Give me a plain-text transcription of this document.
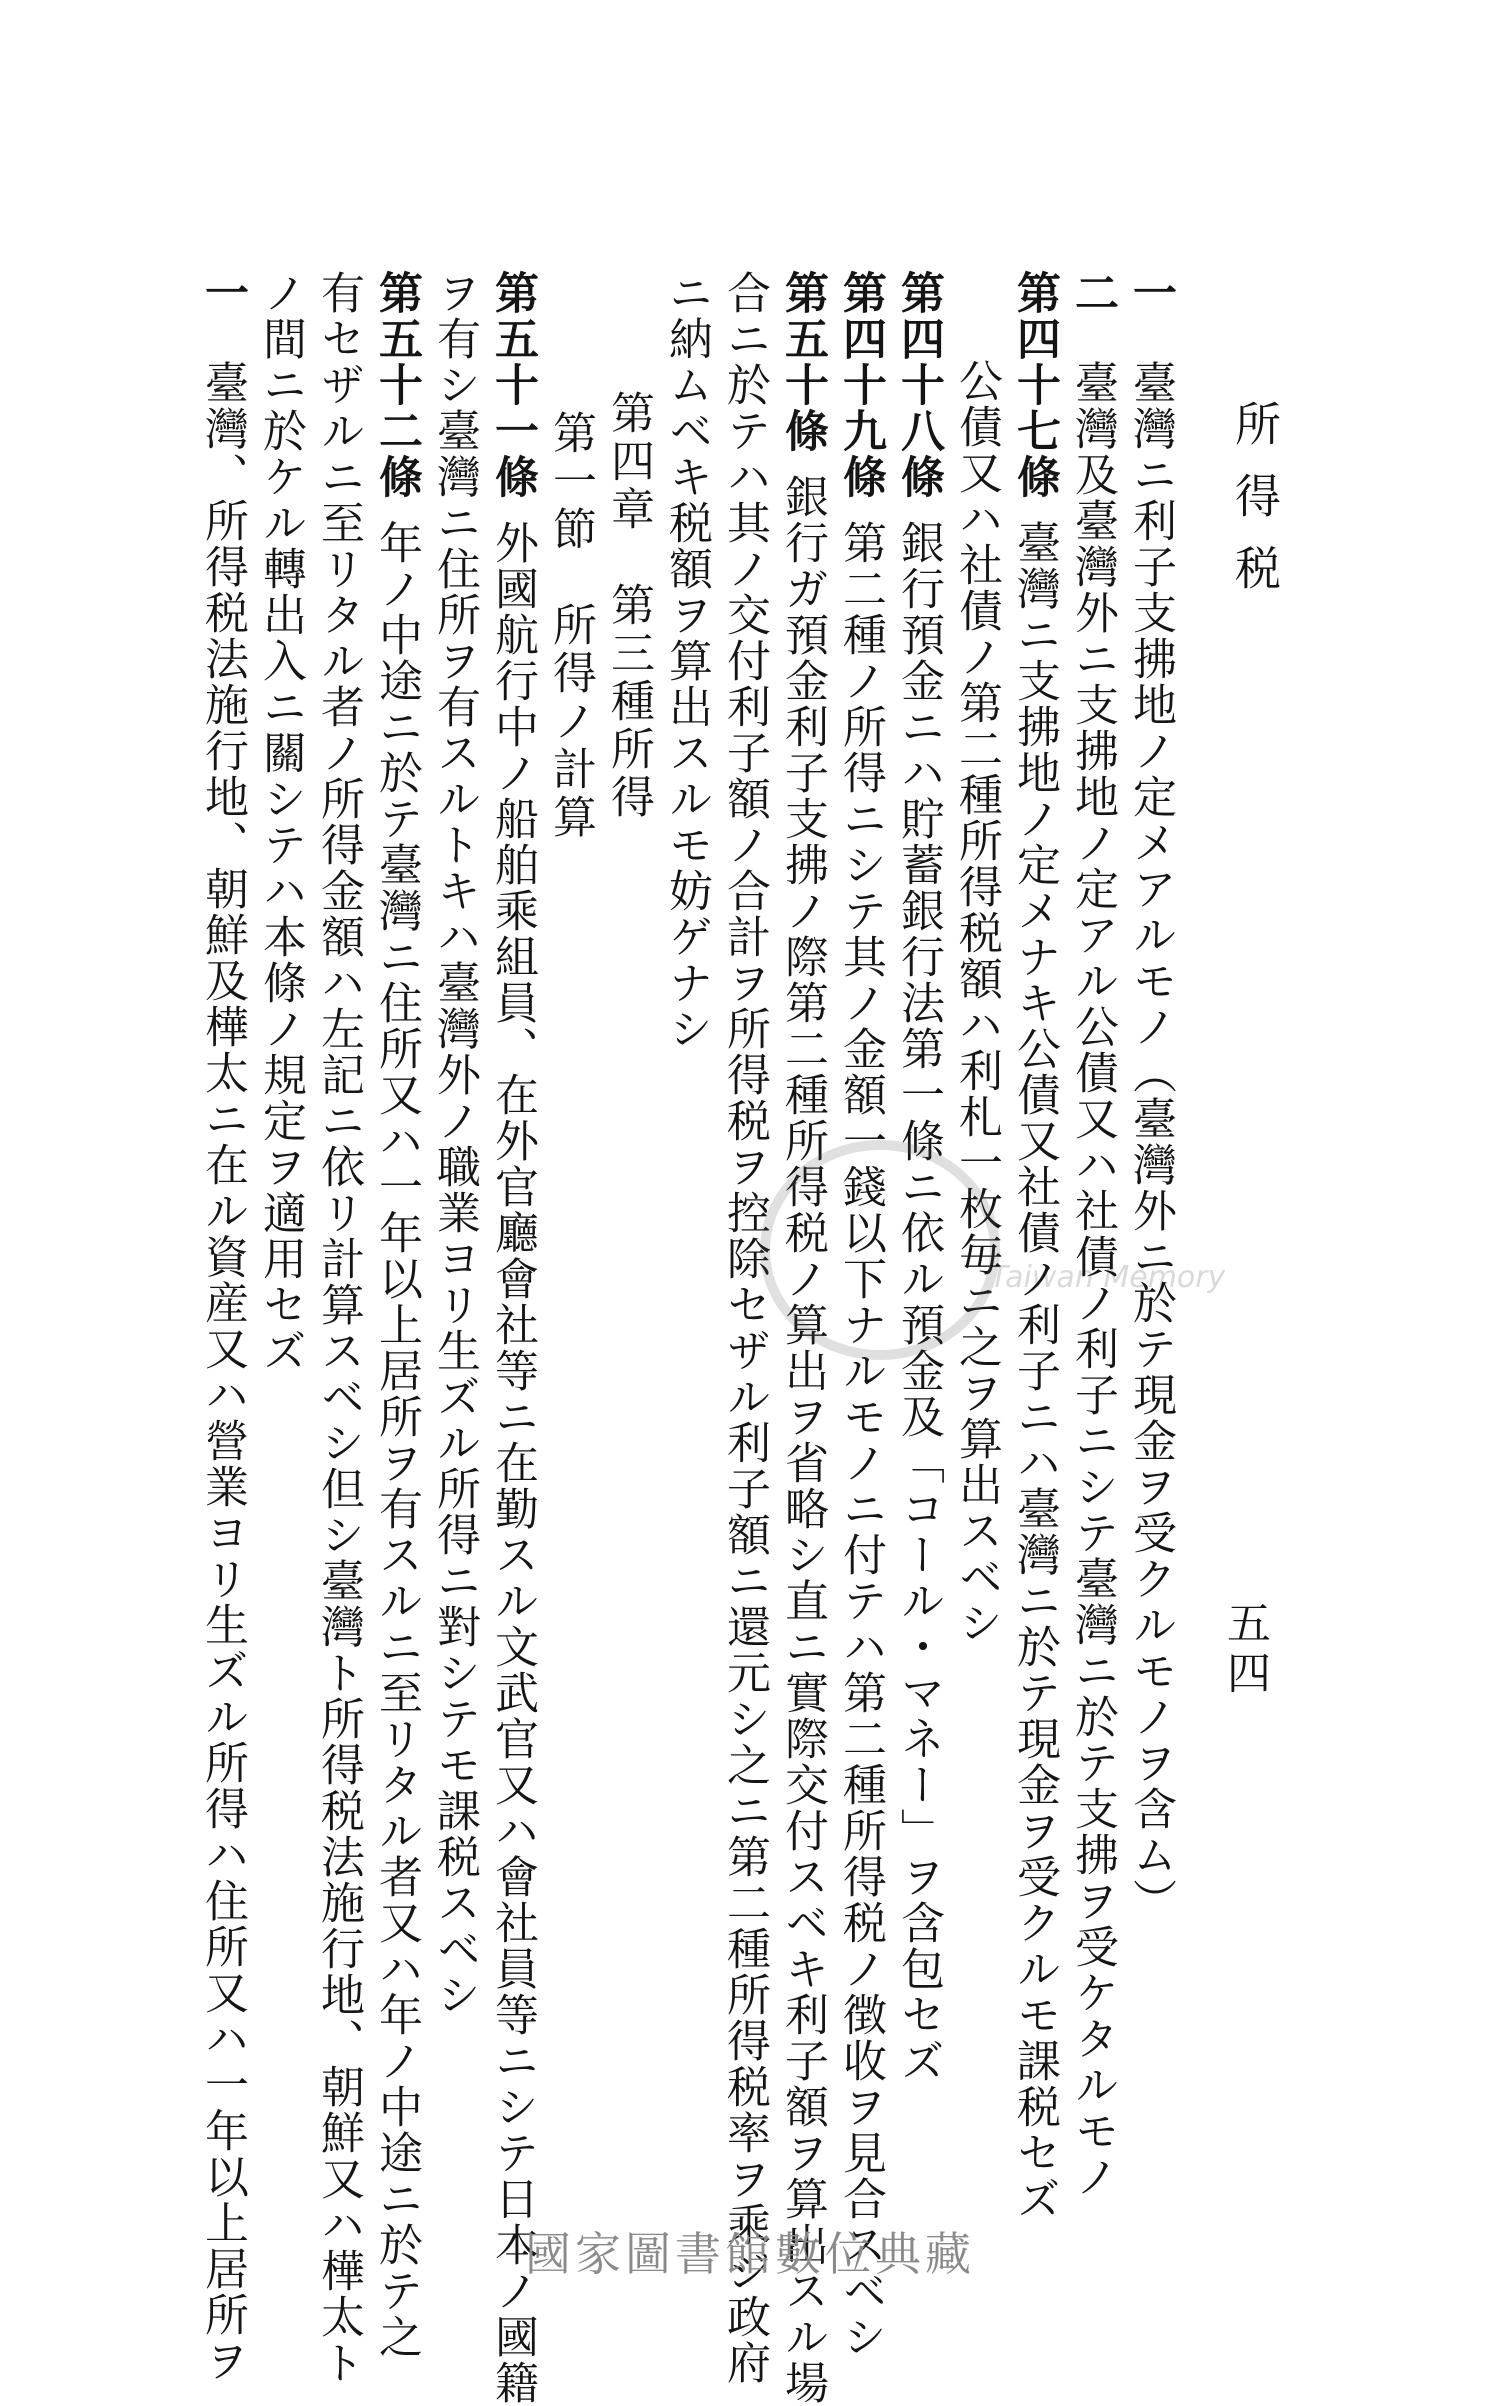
所得税
五四
一臺灣ニ利子支拂地ノ定メアルモノ（臺灣外ニ於テ現金ヲ受クルモノヲ含ム）
二臺灣及臺灣外ニ支拂地ノ定アル公債又ハ社債ノ利子ニシテ臺灣ニ於テ支拂ヲ受ケタルモノ
第四十七條臺灣ニ支拂地ノ定メナキ公債又社債ノ利子ニハ臺灣ニ於テ現金ヲ受クルモ課税セズ
公債又ハ社債ノ第二種所得税額ハ利札一枚毎ニ之ヲ算出スベシ
第四十八條銀行預金ニハ貯蓄銀行法第一條ニ依ル預金及「コール・マネー」ヲ含包セズ
第四十九條第二種ノ所得ニシテ其ノ金額一錢以下ナルモノニ付テハ第二種所得税ノ徴收ヲ見合スベシ
第五十條銀行ガ預金利子支拂ノ際第二種所得税ノ算出ヲ省略シ直ニ實際交付スベキ利子額ヲ算出スル場
合ニ於テハ其ノ交付利子額ノ合計ヲ所得税ヲ控除セザル利子額ニ還元シ之ニ第二種所得税率ヲ乘ジ政府
ニ納ムベキ税額ヲ算出スルモ妨ゲナシ
第四章　第三種所得
第一節　所得ノ計算
第五十一條外國航行中ノ船舶乘組員、在外官廳會社等ニ在勤スル文武官又ハ會社員等ニシテ日本ノ國籍
ヲ有シ臺灣ニ住所ヲ有スルトキハ臺灣外ノ職業ヨリ生ズル所得ニ對シテモ課税スベシ
第五十二條年ノ中途ニ於テ臺灣ニ住所又ハ一年以上居所ヲ有スルニ至リタル者又ハ年ノ中途ニ於テ之
有セザルニ至リタル者ノ所得金額ハ左記ニ依リ計算スベシ但シ臺灣ト所得税法施行地、朝鮮又ハ樺太ト
ノ間ニ於ケル轉出入ニ關シテハ本條ノ規定ヲ適用セズ
一臺灣、所得税法施行地、朝鮮及樺太ニ在ル資産又ハ營業ヨリ生ズル所得ハ住所又ハ一年以上居所ヲ	Taiwan Memory
國家圖書館數位典藏
